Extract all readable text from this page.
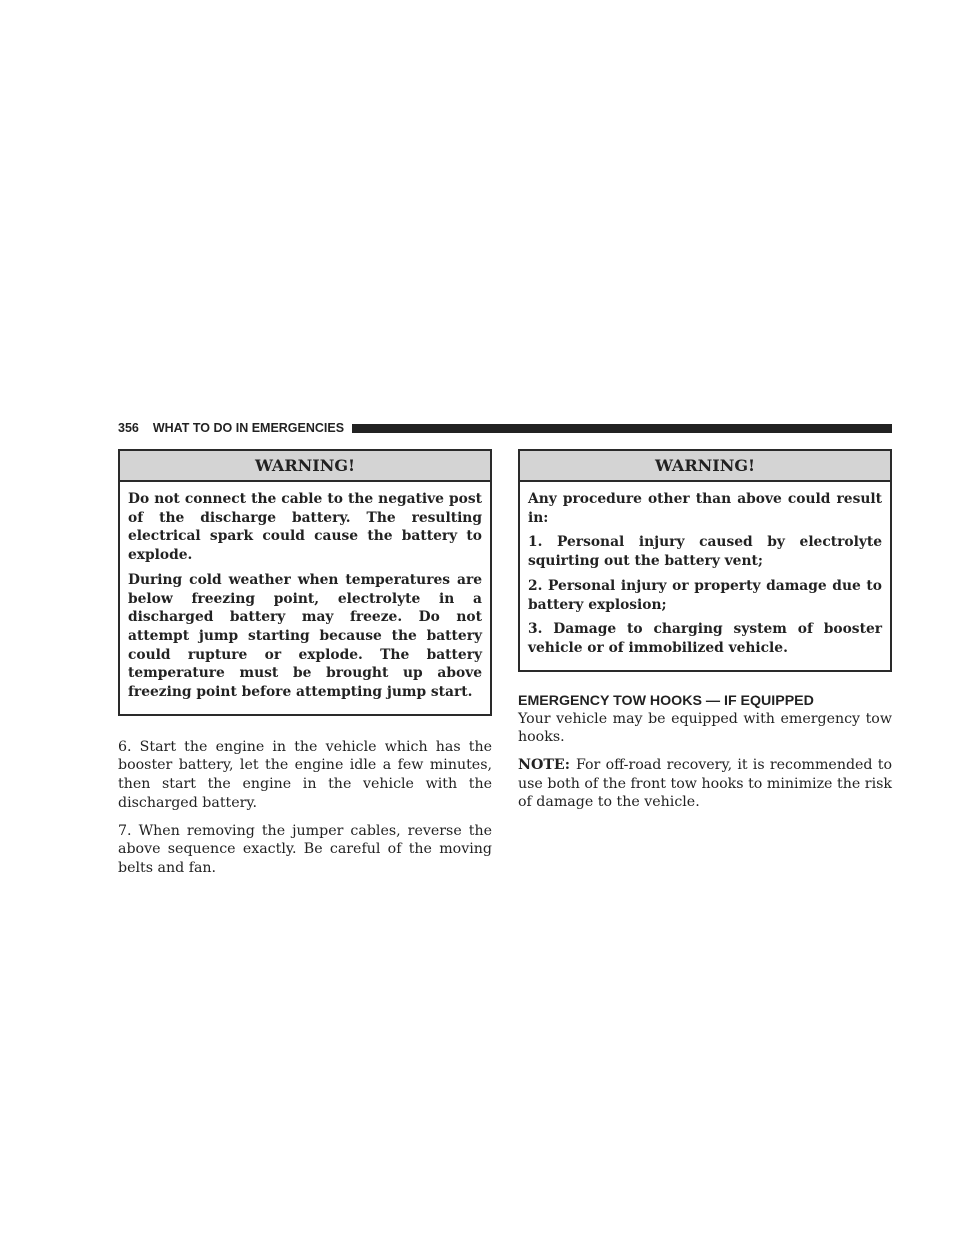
356 WHAT TO DO IN EMERGENCIES
WARNING!

Do not connect the cable to the negative post of the discharge battery. The resulting electrical spark could cause the battery to explode.

During cold weather when temperatures are below freezing point, electrolyte in a discharged battery may freeze. Do not attempt jump starting because the battery could rupture or explode. The battery temperature must be brought up above freezing point before attempting jump start.

6. Start the engine in the vehicle which has the booster battery, let the engine idle a few minutes, then start the engine in the vehicle with the discharged battery.

7. When removing the jumper cables, reverse the above sequence exactly. Be careful of the moving belts and fan.

WARNING!

Any procedure other than above could result in:

1. Personal injury caused by electrolyte squirting out the battery vent;

2. Personal injury or property damage due to battery explosion;

3. Damage to charging system of booster vehicle or of immobilized vehicle.

EMERGENCY TOW HOOKS — IF EQUIPPED

Your vehicle may be equipped with emergency tow hooks.

NOTE: For off-road recovery, it is recommended to use both of the front tow hooks to minimize the risk of damage to the vehicle.
